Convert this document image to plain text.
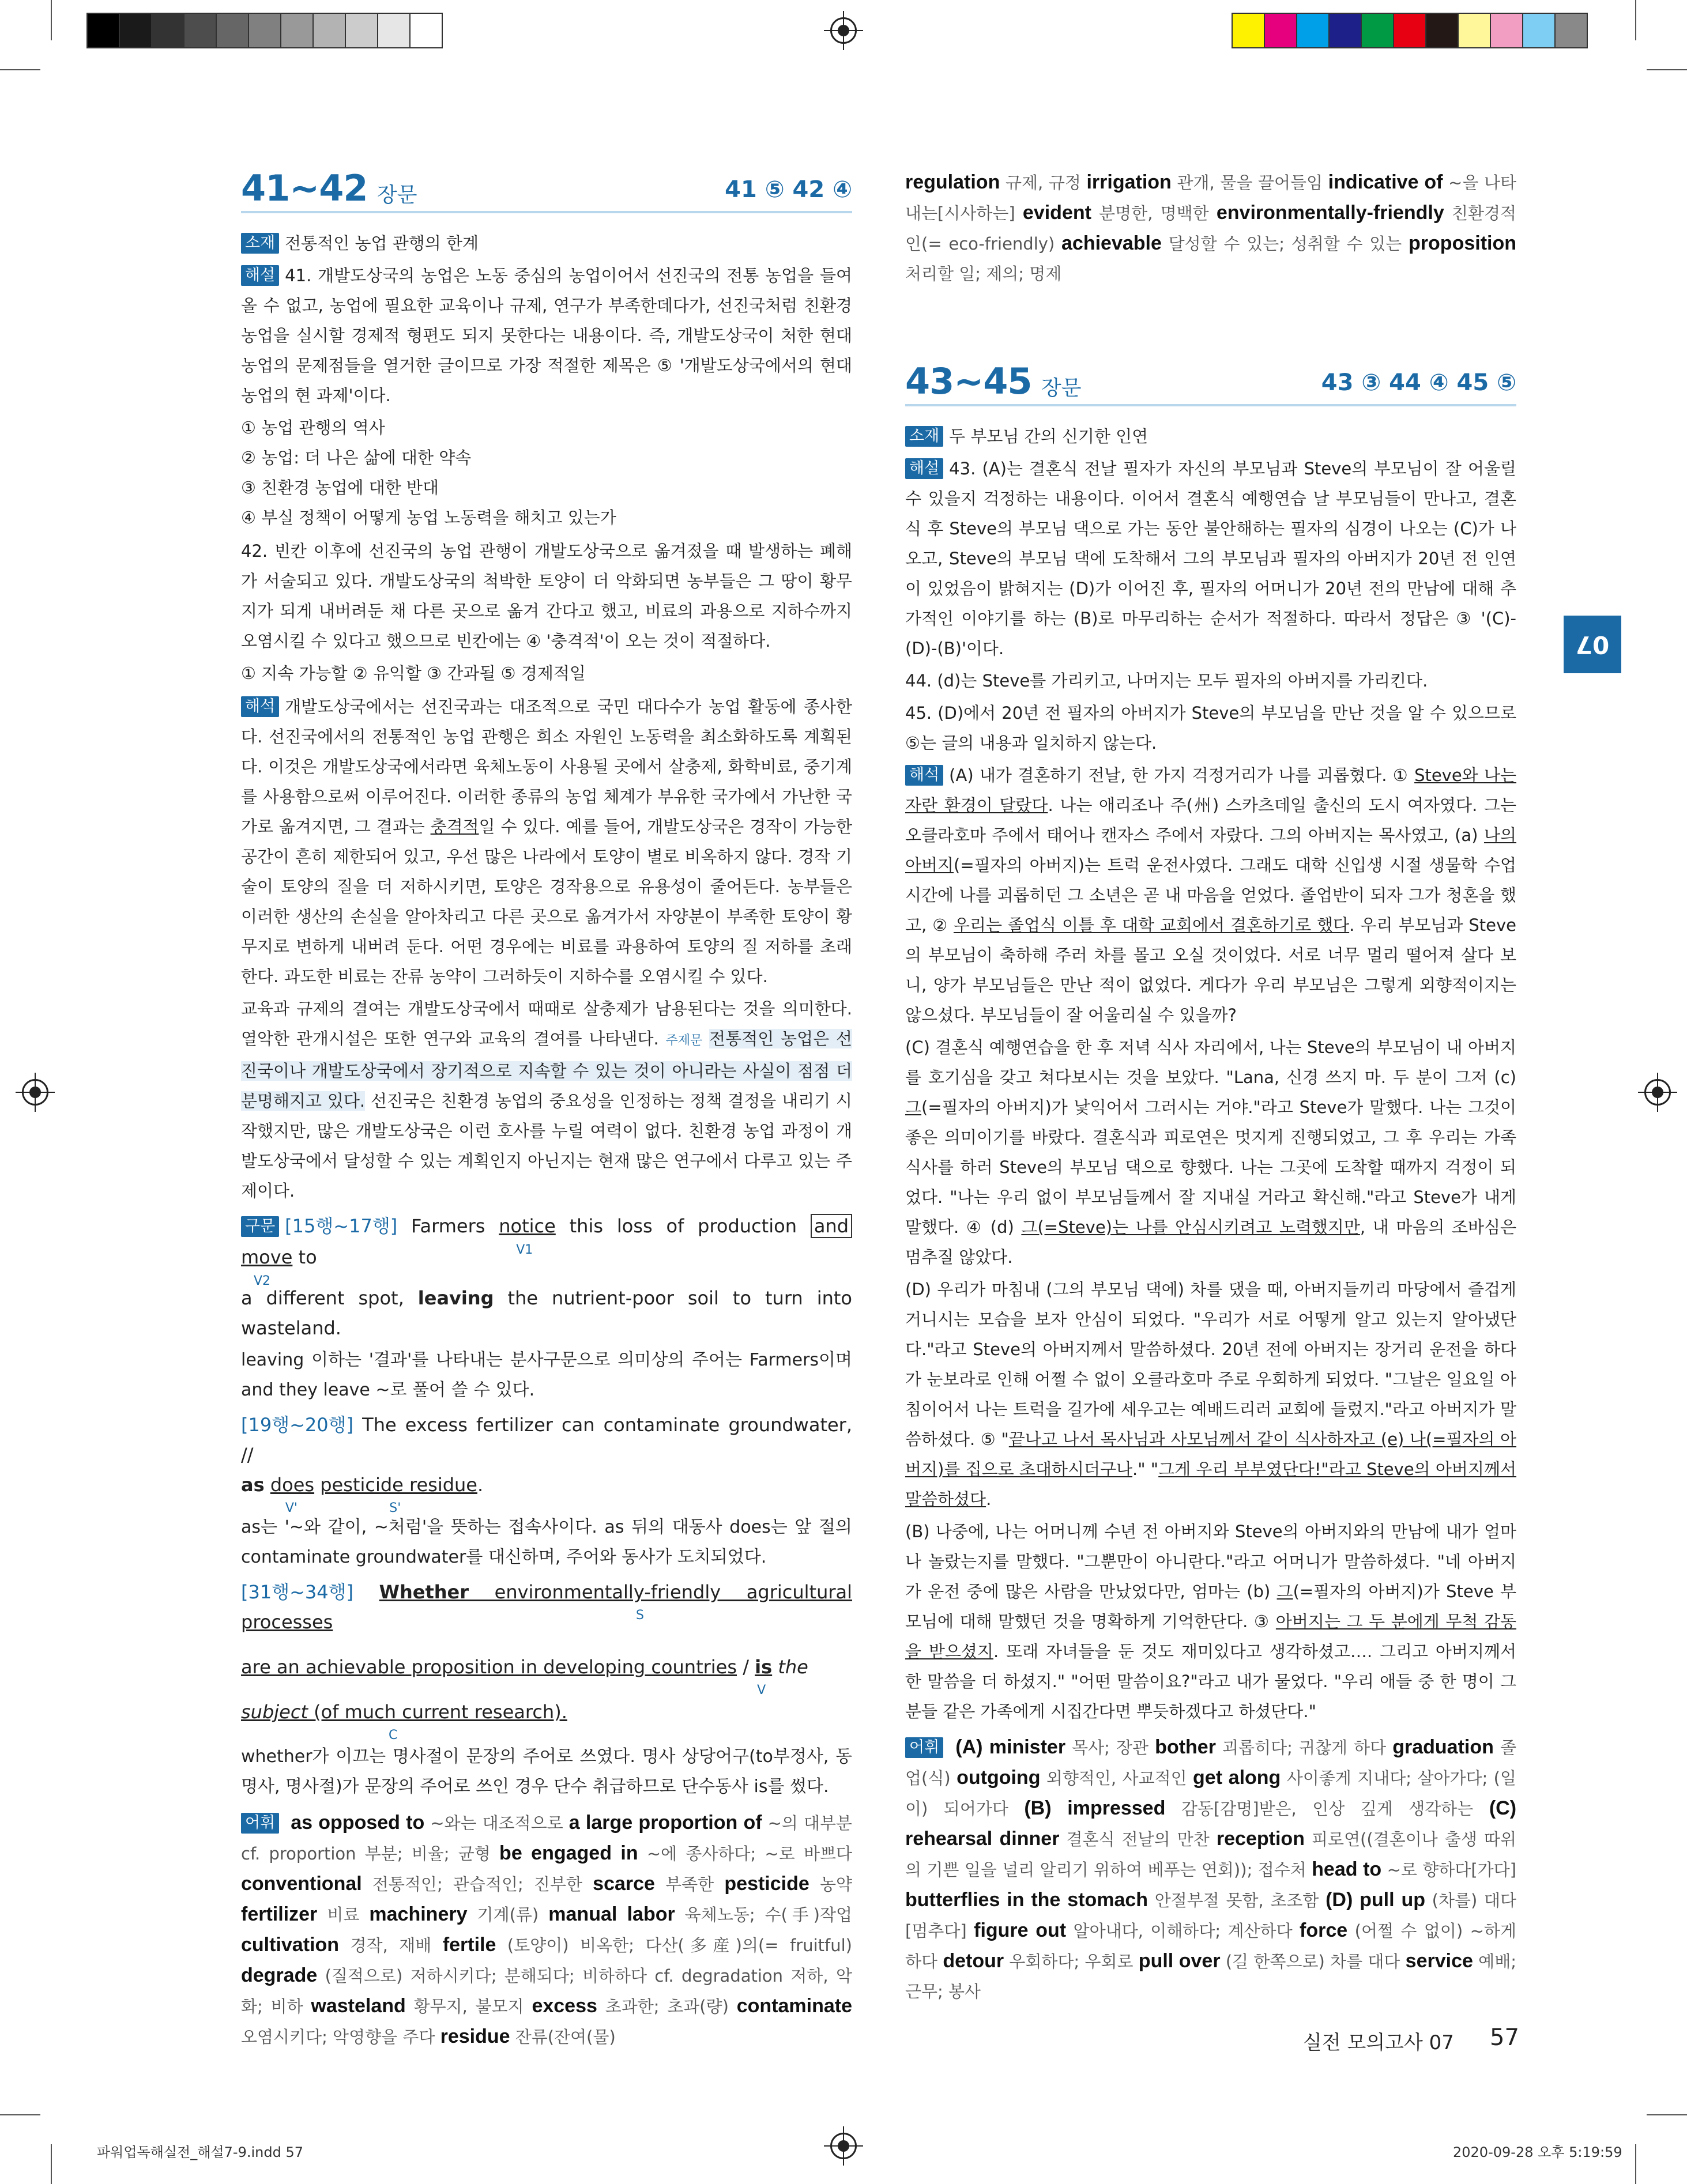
41~42 장문	41 ⑤ 42 ④

소재 전통적인 농업 관행의 한계

해설 41. 개발도상국의 농업은 노동 중심의 농업이어서 선진국의 전통 농업을 들여올 수 없고, 농업에 필요한 교육이나 규제, 연구가 부족한데다가, 선진국처럼 친환경 농업을 실시할 경제적 형편도 되지 못한다는 내용이다. 즉, 개발도상국이 처한 현대 농업의 문제점들을 열거한 글이므로 가장 적절한 제목은 ⑤ '개발도상국에서의 현대 농업의 현 과제'이다.

① 농업 관행의 역사

② 농업: 더 나은 삶에 대한 약속

③ 친환경 농업에 대한 반대

④ 부실 정책이 어떻게 농업 노동력을 해치고 있는가

42. 빈칸 이후에 선진국의 농업 관행이 개발도상국으로 옮겨졌을 때 발생하는 폐해가 서술되고 있다. 개발도상국의 척박한 토양이 더 악화되면 농부들은 그 땅이 황무지가 되게 내버려둔 채 다른 곳으로 옮겨 간다고 했고, 비료의 과용으로 지하수까지 오염시킬 수 있다고 했으므로 빈칸에는 ④ '충격적'이 오는 것이 적절하다.

① 지속 가능할 ② 유익할 ③ 간과될 ⑤ 경제적일

해석 개발도상국에서는 선진국과는 대조적으로 국민 대다수가 농업 활동에 종사한다. 선진국에서의 전통적인 농업 관행은 희소 자원인 노동력을 최소화하도록 계획된다. 이것은 개발도상국에서라면 육체노동이 사용될 곳에서 살충제, 화학비료, 중기계를 사용함으로써 이루어진다. 이러한 종류의 농업 체계가 부유한 국가에서 가난한 국가로 옮겨지면, 그 결과는 충격적일 수 있다. 예를 들어, 개발도상국은 경작이 가능한 공간이 흔히 제한되어 있고, 우선 많은 나라에서 토양이 별로 비옥하지 않다. 경작 기술이 토양의 질을 더 저하시키면, 토양은 경작용으로 유용성이 줄어든다. 농부들은 이러한 생산의 손실을 알아차리고 다른 곳으로 옮겨가서 자양분이 부족한 토양이 황무지로 변하게 내버려 둔다. 어떤 경우에는 비료를 과용하여 토양의 질 저하를 초래한다. 과도한 비료는 잔류 농약이 그러하듯이 지하수를 오염시킬 수 있다.

교육과 규제의 결여는 개발도상국에서 때때로 살충제가 남용된다는 것을 의미한다. 열악한 관개시설은 또한 연구와 교육의 결여를 나타낸다. 주제문 전통적인 농업은 선진국이나 개발도상국에서 장기적으로 지속할 수 있는 것이 아니라는 사실이 점점 더 분명해지고 있다. 선진국은 친환경 농업의 중요성을 인정하는 정책 결정을 내리기 시작했지만, 많은 개발도상국은 이런 호사를 누릴 여력이 없다. 친환경 농업 과정이 개발도상국에서 달성할 수 있는 계획인지 아닌지는 현재 많은 연구에서 다루고 있는 주제이다.

구문 [15행~17행] Farmers notice
V1
this loss of production and move
V2
to

a different spot, leaving the nutrient-poor soil to turn into wasteland.

leaving 이하는 '결과'를 나타내는 분사구문으로 의미상의 주어는 Farmers이며 and they leave ~로 풀어 쓸 수 있다.

[19행~20행] The excess fertilizer can contaminate groundwater, //

as does
V'
pesticide residue
S'
.

as는 '~와 같이, ~처럼'을 뜻하는 접속사이다. as 뒤의 대동사 does는 앞 절의 contaminate groundwater를 대신하며, 주어와 동사가 도치되었다.

[31행~34행] Whether environmentally-friendly agricultural processes	S

are an achievable proposition in developing countries / is
V
the

subject (of much current research).
C

whether가 이끄는 명사절이 문장의 주어로 쓰였다. 명사 상당어구(to부정사, 동명사, 명사절)가 문장의 주어로 쓰인 경우 단수 취급하므로 단수동사 is를 썼다.

어휘 as opposed to ~와는 대조적으로 a large proportion of ~의 대부분 cf. proportion 부분; 비율; 균형 be engaged in ~에 종사하다; ~로 바쁘다 conventional 전통적인; 관습적인; 진부한 scarce 부족한 pesticide 농약 fertilizer 비료 machinery 기계(류) manual labor 육체노동; 수(手)작업 cultivation 경작, 재배 fertile (토양이) 비옥한; 다산(多産)의(= fruitful) degrade (질적으로) 저하시키다; 분해되다; 비하하다 cf. degradation 저하, 악화; 비하 wasteland 황무지, 불모지 excess 초과한; 초과(량) contaminate 오염시키다; 악영향을 주다 residue 잔류(잔여(물)

regulation 규제, 규정 irrigation 관개, 물을 끌어들임 indicative of ~을 나타내는[시사하는] evident 분명한, 명백한 environmentally-friendly 친환경적인(= eco-friendly) achievable 달성할 수 있는; 성취할 수 있는 proposition 처리할 일; 제의; 명제

43~45 장문	43 ③ 44 ④ 45 ⑤

소재 두 부모님 간의 신기한 인연

해설 43. (A)는 결혼식 전날 필자가 자신의 부모님과 Steve의 부모님이 잘 어울릴 수 있을지 걱정하는 내용이다. 이어서 결혼식 예행연습 날 부모님들이 만나고, 결혼식 후 Steve의 부모님 댁으로 가는 동안 불안해하는 필자의 심경이 나오는 (C)가 나오고, Steve의 부모님 댁에 도착해서 그의 부모님과 필자의 아버지가 20년 전 인연이 있었음이 밝혀지는 (D)가 이어진 후, 필자의 어머니가 20년 전의 만남에 대해 추가적인 이야기를 하는 (B)로 마무리하는 순서가 적절하다. 따라서 정답은 ③ '(C)-(D)-(B)'이다.

44. (d)는 Steve를 가리키고, 나머지는 모두 필자의 아버지를 가리킨다.

45. (D)에서 20년 전 필자의 아버지가 Steve의 부모님을 만난 것을 알 수 있으므로 ⑤는 글의 내용과 일치하지 않는다.

해석 (A) 내가 결혼하기 전날, 한 가지 걱정거리가 나를 괴롭혔다. ① Steve와 나는 자란 환경이 달랐다. 나는 애리조나 주(州) 스카츠데일 출신의 도시 여자였다. 그는 오클라호마 주에서 태어나 캔자스 주에서 자랐다. 그의 아버지는 목사였고, (a) 나의 아버지(=필자의 아버지)는 트럭 운전사였다. 그래도 대학 신입생 시절 생물학 수업 시간에 나를 괴롭히던 그 소년은 곧 내 마음을 얻었다. 졸업반이 되자 그가 청혼을 했고, ② 우리는 졸업식 이틀 후 대학 교회에서 결혼하기로 했다. 우리 부모님과 Steve의 부모님이 축하해 주러 차를 몰고 오실 것이었다. 서로 너무 멀리 떨어져 살다 보니, 양가 부모님들은 만난 적이 없었다. 게다가 우리 부모님은 그렇게 외향적이지는 않으셨다. 부모님들이 잘 어울리실 수 있을까?

(C) 결혼식 예행연습을 한 후 저녁 식사 자리에서, 나는 Steve의 부모님이 내 아버지를 호기심을 갖고 쳐다보시는 것을 보았다. "Lana, 신경 쓰지 마. 두 분이 그저 (c) 그(=필자의 아버지)가 낯익어서 그러시는 거야."라고 Steve가 말했다. 나는 그것이 좋은 의미이기를 바랐다. 결혼식과 피로연은 멋지게 진행되었고, 그 후 우리는 가족 식사를 하러 Steve의 부모님 댁으로 향했다. 나는 그곳에 도착할 때까지 걱정이 되었다. "나는 우리 없이 부모님들께서 잘 지내실 거라고 확신해."라고 Steve가 내게 말했다. ④ (d) 그(=Steve)는 나를 안심시키려고 노력했지만, 내 마음의 조바심은 멈추질 않았다.

(D) 우리가 마침내 (그의 부모님 댁에) 차를 댔을 때, 아버지들끼리 마당에서 즐겁게 거니시는 모습을 보자 안심이 되었다. "우리가 서로 어떻게 알고 있는지 알아냈단다."라고 Steve의 아버지께서 말씀하셨다. 20년 전에 아버지는 장거리 운전을 하다가 눈보라로 인해 어쩔 수 없이 오클라호마 주로 우회하게 되었다. "그날은 일요일 아침이어서 나는 트럭을 길가에 세우고는 예배드리러 교회에 들렀지."라고 아버지가 말씀하셨다. ⑤ "끝나고 나서 목사님과 사모님께서 같이 식사하자고 (e) 나(=필자의 아버지)를 집으로 초대하시더구나." "그게 우리 부부였단다!"라고 Steve의 아버지께서 말씀하셨다.

(B) 나중에, 나는 어머니께 수년 전 아버지와 Steve의 아버지와의 만남에 내가 얼마나 놀랐는지를 말했다. "그뿐만이 아니란다."라고 어머니가 말씀하셨다. "네 아버지가 운전 중에 많은 사람을 만났었다만, 엄마는 (b) 그(=필자의 아버지)가 Steve 부모님에 대해 말했던 것을 명확하게 기억한단다. ③ 아버지는 그 두 분에게 무척 감동을 받으셨지. 또래 자녀들을 둔 것도 재미있다고 생각하셨고…. 그리고 아버지께서 한 말씀을 더 하셨지." "어떤 말씀이요?"라고 내가 물었다. "우리 애들 중 한 명이 그분들 같은 가족에게 시집간다면 뿌듯하겠다고 하셨단다."

어휘 (A) minister 목사; 장관 bother 괴롭히다; 귀찮게 하다 graduation 졸업(식) outgoing 외향적인, 사교적인 get along 사이좋게 지내다; 살아가다; (일이) 되어가다 (B) impressed 감동[감명]받은, 인상 깊게 생각하는 (C) rehearsal dinner 결혼식 전날의 만찬 reception 피로연((결혼이나 출생 따위의 기쁜 일을 널리 알리기 위하여 베푸는 연회)); 접수처 head to ~로 향하다[가다] butterflies in the stomach 안절부절 못함, 초조함 (D) pull up (차를) 대다[멈추다] figure out 알아내다, 이해하다; 계산하다 force (어쩔 수 없이) ~하게 하다 detour 우회하다; 우회로 pull over (길 한쪽으로) 차를 대다 service 예배; 근무; 봉사

07
실전 모의고사 07 57
파워업독해실전_해설7-9.indd 57	2020-09-28 오후 5:19:59
